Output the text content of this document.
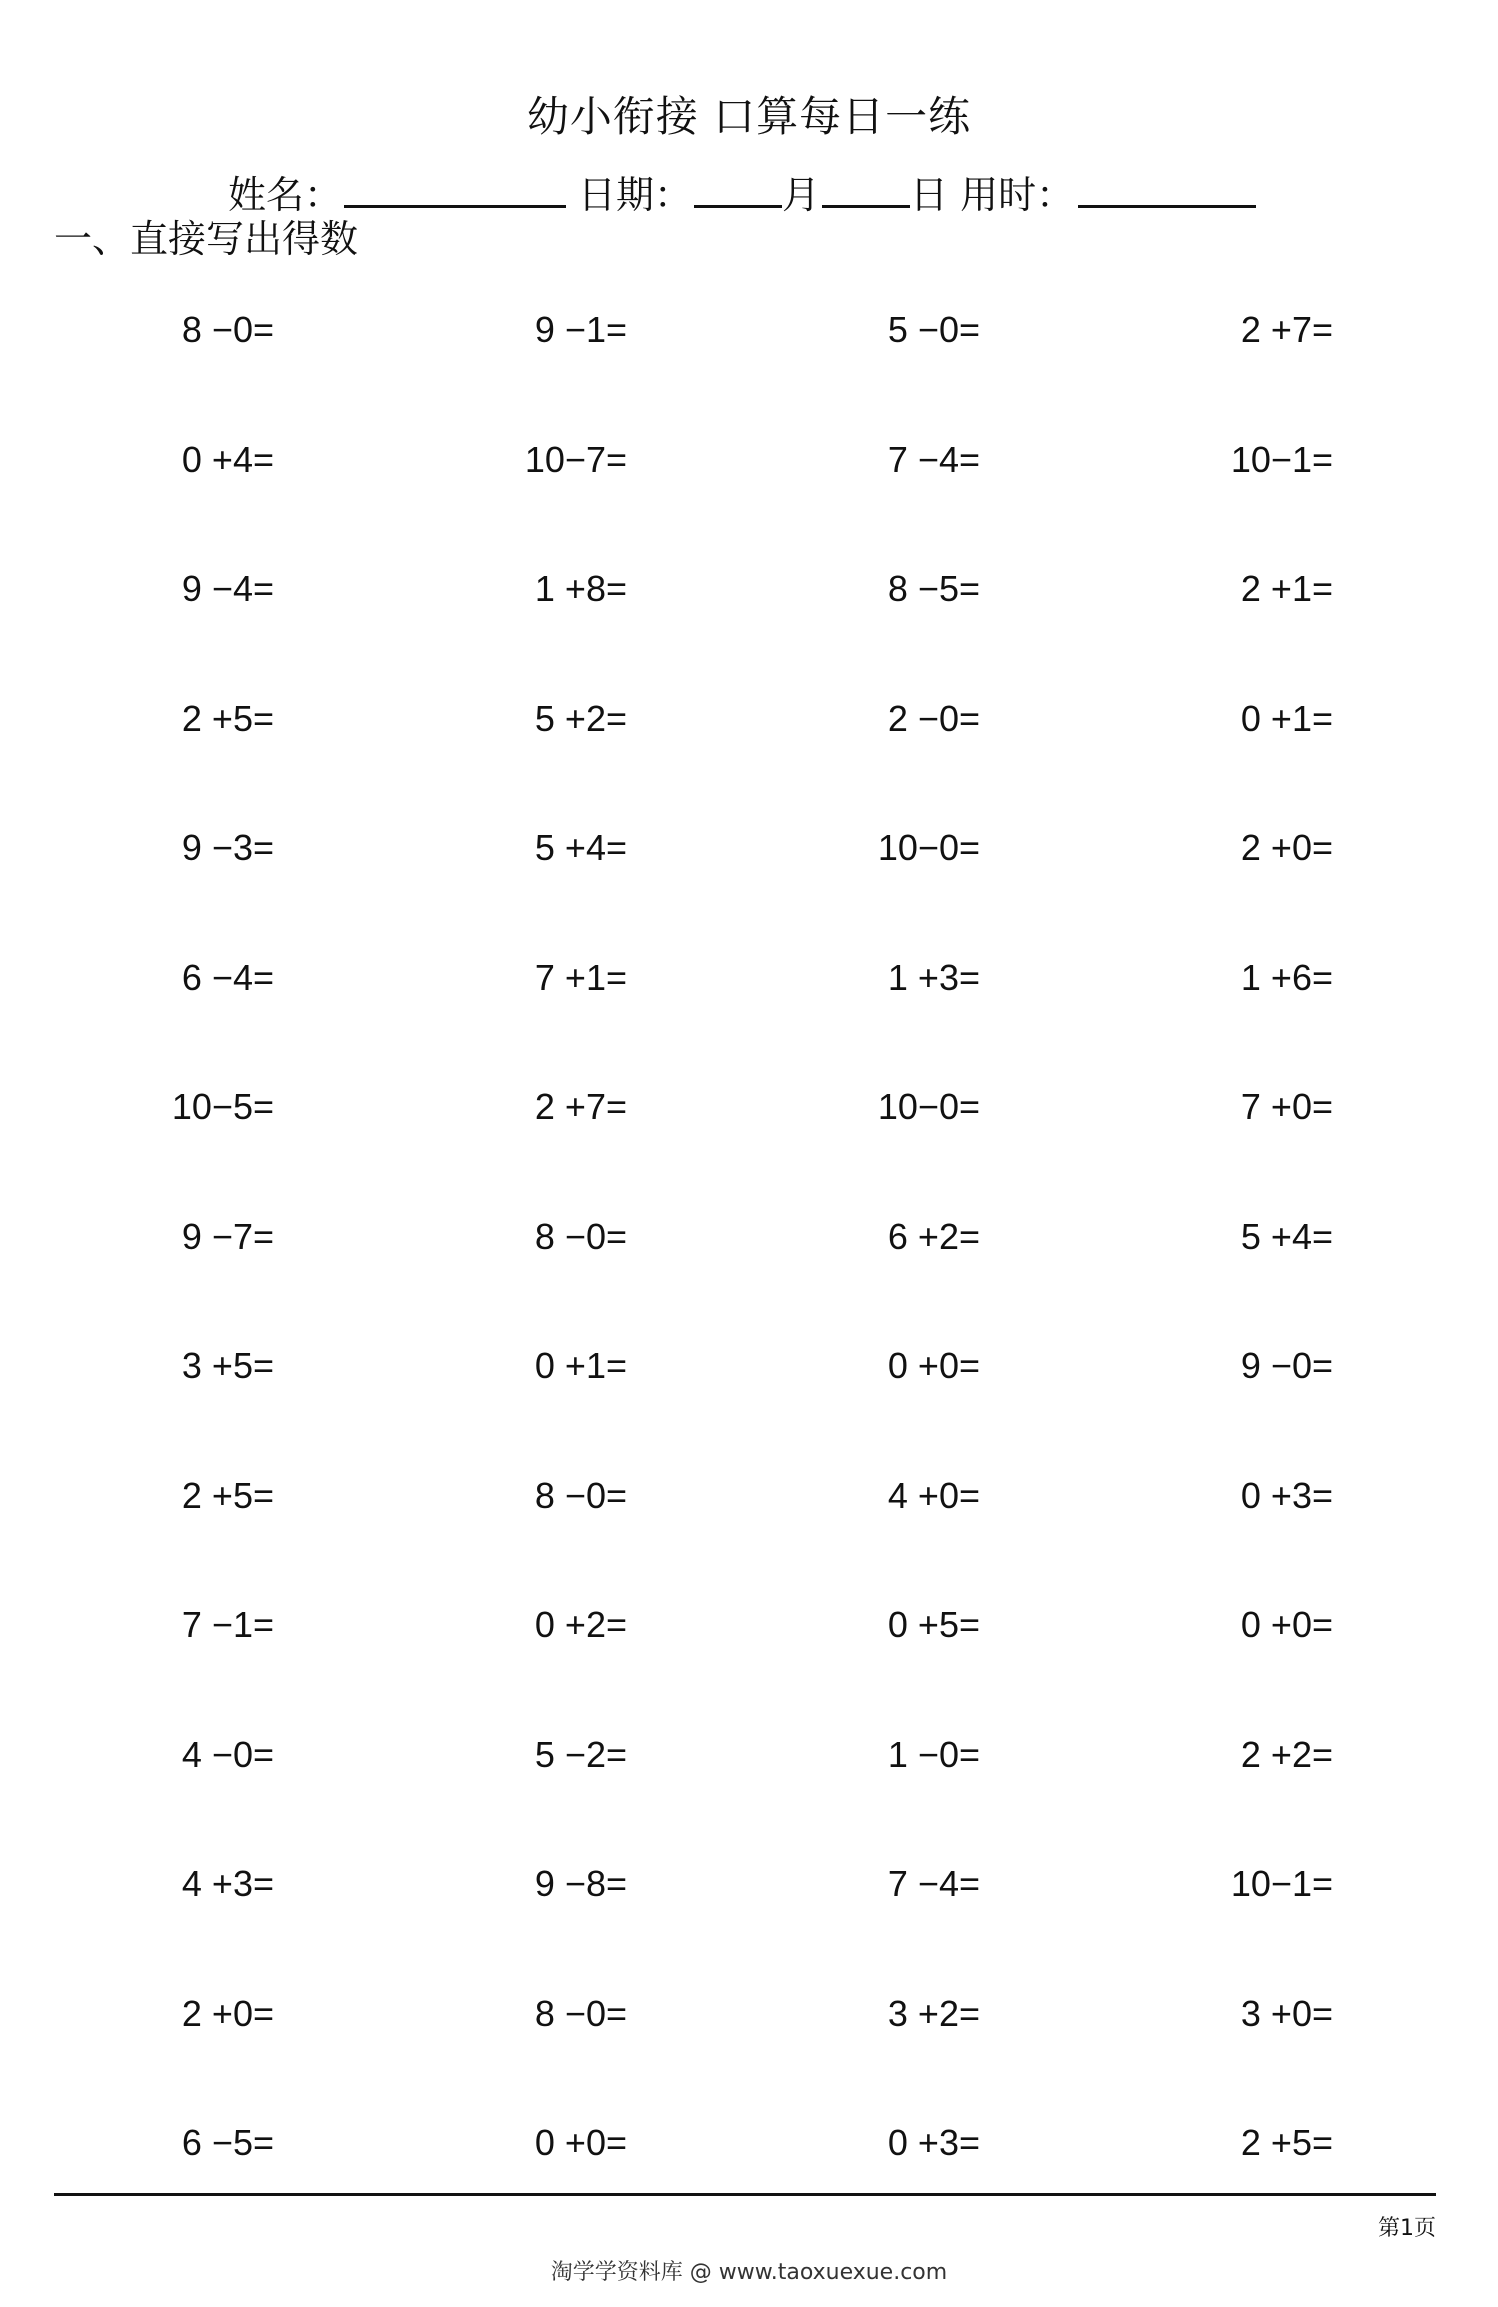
幼小衔接 口算每日一练
姓名：	日期： 月 日 用时：
一、直接写出得数
8 −0=	9 −1=	5 −0=	2 +7=
0 +4=	10−7=	7 −4=	10−1=
9 −4=	1 +8=	8 −5=	2 +1=
2 +5=	5 +2=	2 −0=	0 +1=
9 −3=	5 +4=	10−0=	2 +0=
6 −4=	7 +1=	1 +3=	1 +6=
10−5=	2 +7=	10−0=	7 +0=
9 −7=	8 −0=	6 +2=	5 +4=
3 +5=	0 +1=	0 +0=	9 −0=
2 +5=	8 −0=	4 +0=	0 +3=
7 −1=	0 +2=	0 +5=	0 +0=
4 −0=	5 −2=	1 −0=	2 +2=
4 +3=	9 −8=	7 −4=	10−1=
2 +0=	8 −0=	3 +2=	3 +0=
6 −5=	0 +0=	0 +3=	2 +5=
第1页
淘学学资料库 @ www.taoxuexue.com
